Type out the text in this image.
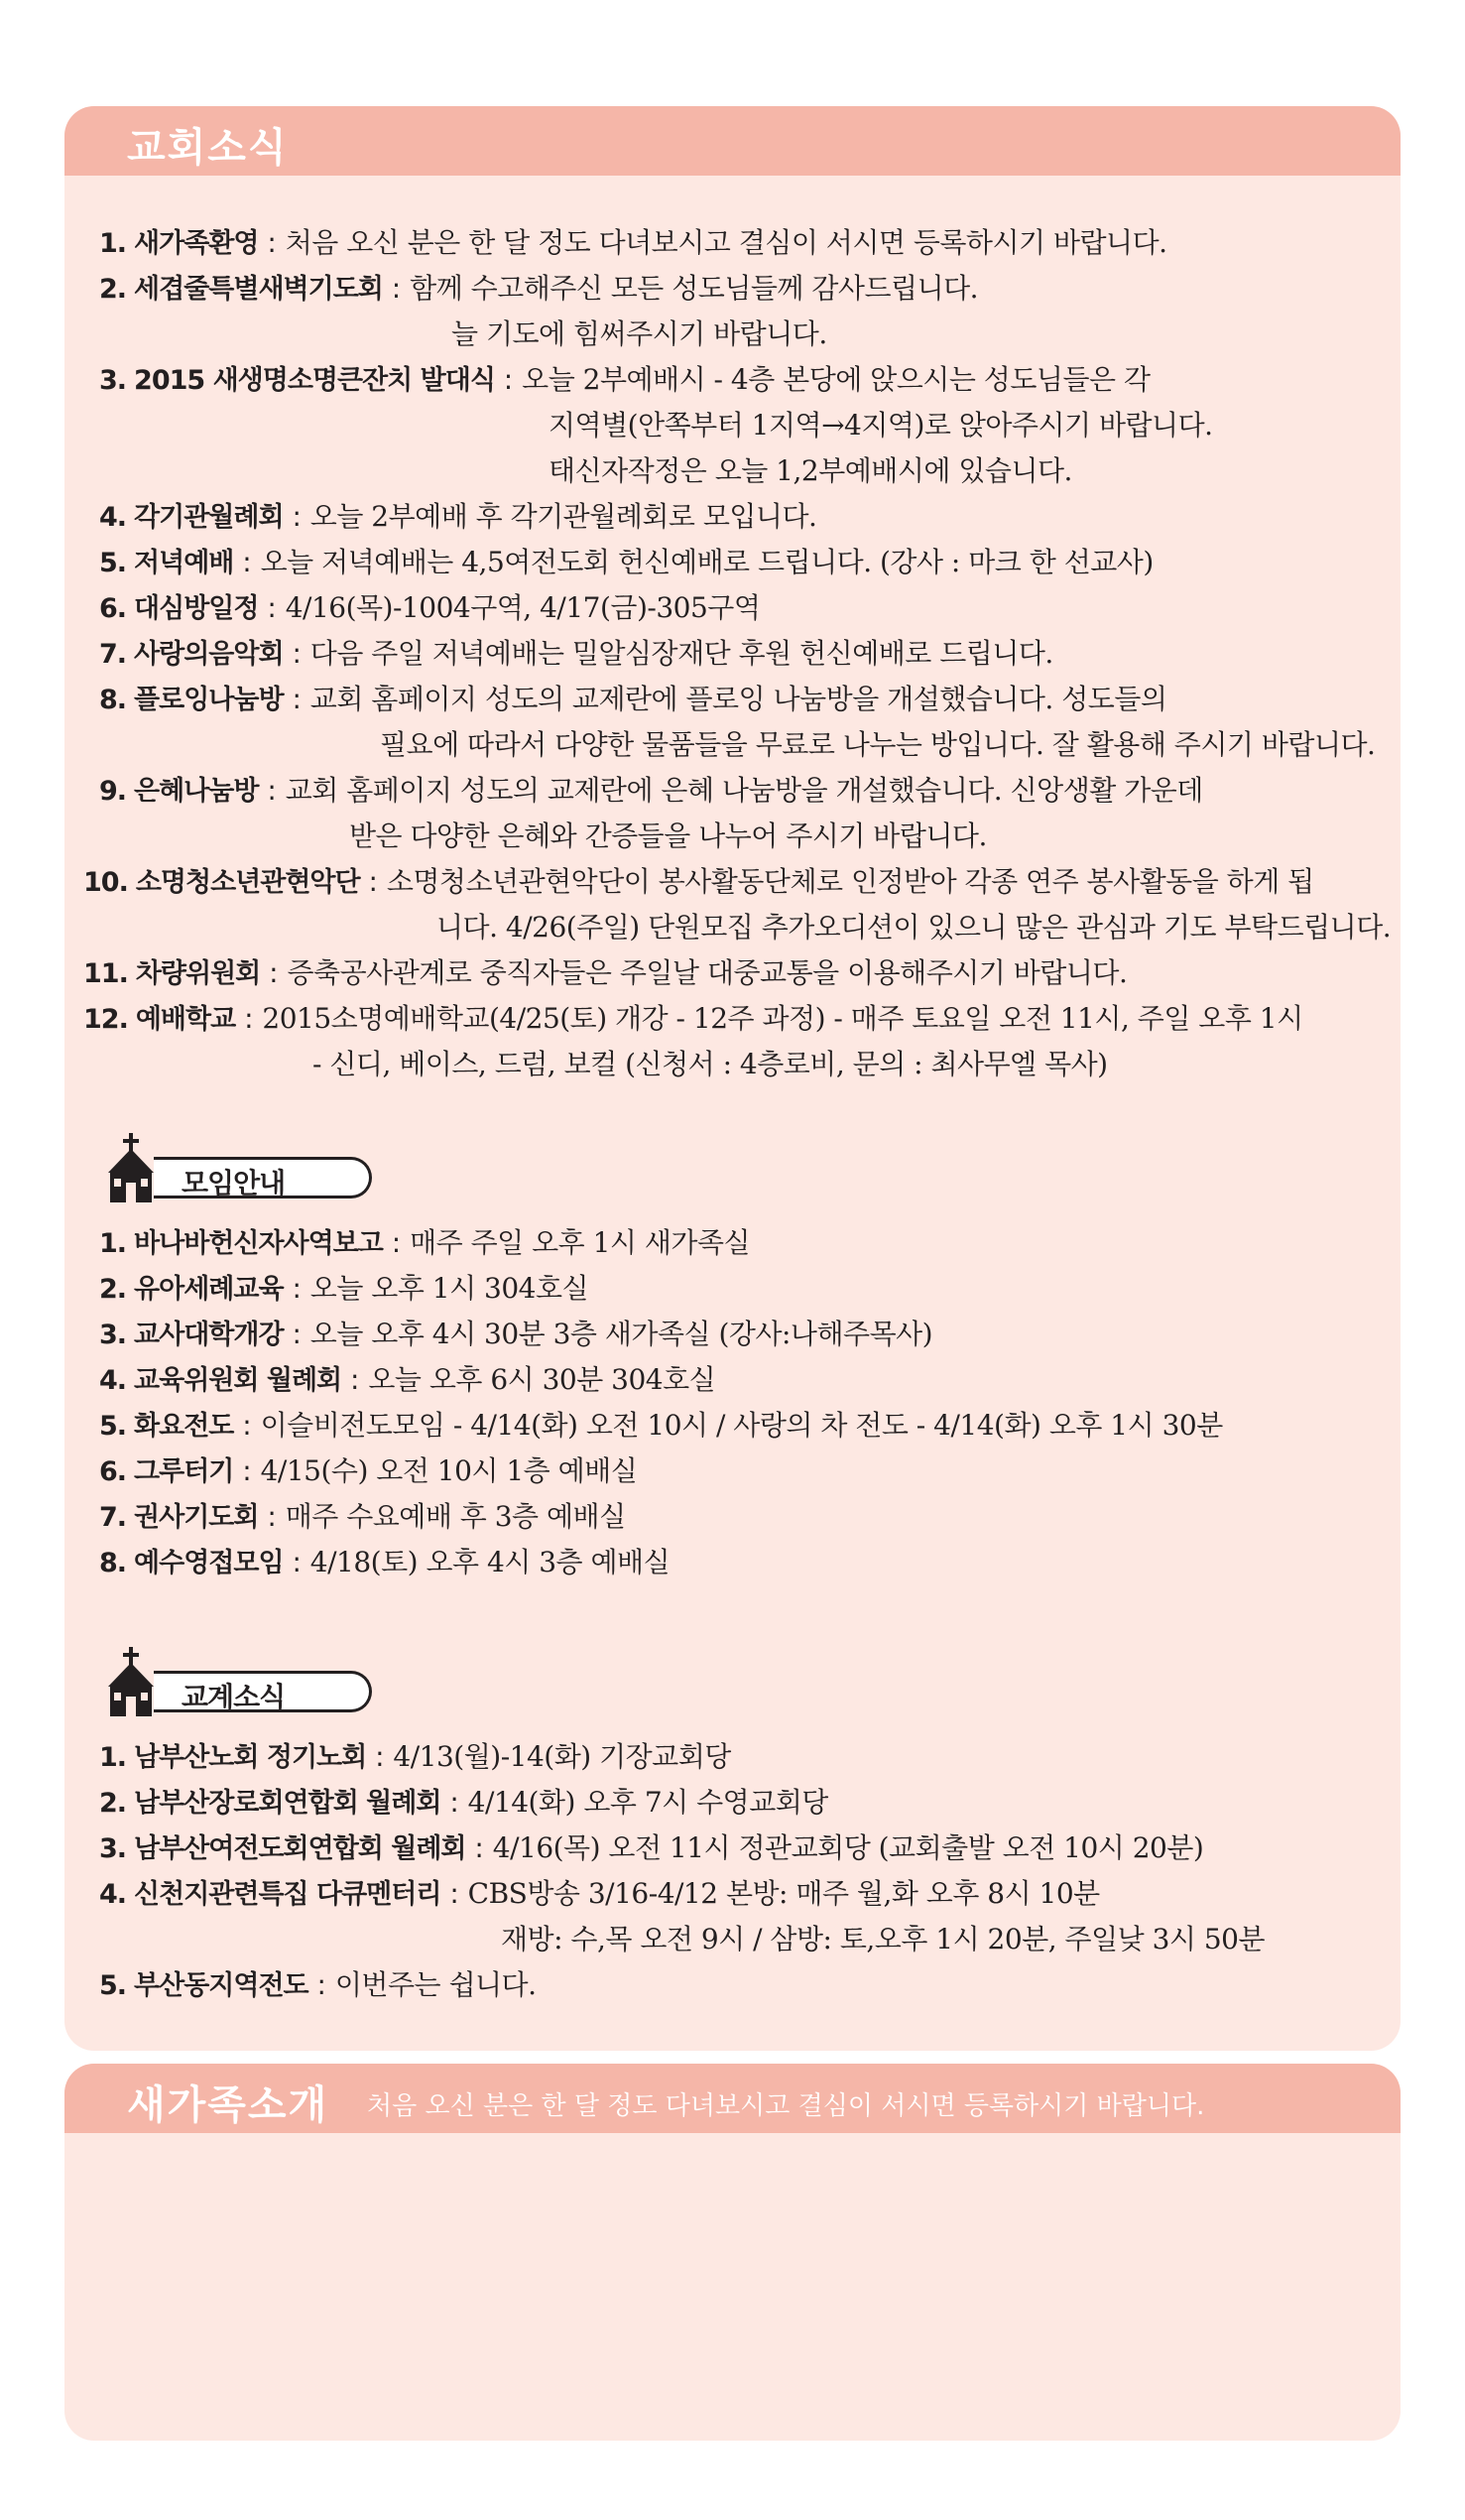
교회소식
1. 새가족환영 : 처음 오신 분은 한 달 정도 다녀보시고 결심이 서시면 등록하시기 바랍니다.
2. 세겹줄특별새벽기도회 : 함께 수고해주신 모든 성도님들께 감사드립니다.
늘 기도에 힘써주시기 바랍니다.
3. 2015 새생명소명큰잔치 발대식 : 오늘 2부예배시 - 4층 본당에 앉으시는 성도님들은 각
지역별(안쪽부터 1지역→4지역)로 앉아주시기 바랍니다.
태신자작정은 오늘 1,2부예배시에 있습니다.
4. 각기관월례회 : 오늘 2부예배 후 각기관월례회로 모입니다.
5. 저녁예배 : 오늘 저녁예배는 4,5여전도회 헌신예배로 드립니다. (강사 : 마크 한 선교사)
6. 대심방일정 : 4/16(목)-1004구역, 4/17(금)-305구역
7. 사랑의음악회 : 다음 주일 저녁예배는 밀알심장재단 후원 헌신예배로 드립니다.
8. 플로잉나눔방 : 교회 홈페이지 성도의 교제란에 플로잉 나눔방을 개설했습니다. 성도들의
필요에 따라서 다양한 물품들을 무료로 나누는 방입니다. 잘 활용해 주시기 바랍니다.
9. 은혜나눔방 : 교회 홈페이지 성도의 교제란에 은혜 나눔방을 개설했습니다. 신앙생활 가운데
받은 다양한 은혜와 간증들을 나누어 주시기 바랍니다.
10. 소명청소년관현악단 : 소명청소년관현악단이 봉사활동단체로 인정받아 각종 연주 봉사활동을 하게 됩
니다. 4/26(주일) 단원모집 추가오디션이 있으니 많은 관심과 기도 부탁드립니다.
11. 차량위원회 : 증축공사관계로 중직자들은 주일날 대중교통을 이용해주시기 바랍니다.
12. 예배학교 : 2015소명예배학교(4/25(토) 개강 - 12주 과정) - 매주 토요일 오전 11시, 주일 오후 1시
- 신디, 베이스, 드럼, 보컬 (신청서 : 4층로비, 문의 : 최사무엘 목사)
모임안내
1. 바나바헌신자사역보고 : 매주 주일 오후 1시 새가족실
2. 유아세례교육 : 오늘 오후 1시 304호실
3. 교사대학개강 : 오늘 오후 4시 30분 3층 새가족실 (강사:나해주목사)
4. 교육위원회 월례회 : 오늘 오후 6시 30분 304호실
5. 화요전도 : 이슬비전도모임 - 4/14(화) 오전 10시 / 사랑의 차 전도 - 4/14(화) 오후 1시 30분
6. 그루터기 : 4/15(수) 오전 10시 1층 예배실
7. 권사기도회 : 매주 수요예배 후 3층 예배실
8. 예수영접모임 : 4/18(토) 오후 4시 3층 예배실
교계소식
1. 남부산노회 정기노회 : 4/13(월)-14(화) 기장교회당
2. 남부산장로회연합회 월례회 : 4/14(화) 오후 7시 수영교회당
3. 남부산여전도회연합회 월례회 : 4/16(목) 오전 11시 정관교회당 (교회출발 오전 10시 20분)
4. 신천지관련특집 다큐멘터리 : CBS방송 3/16-4/12 본방: 매주 월,화 오후 8시 10분
재방: 수,목 오전 9시 / 삼방: 토,오후 1시 20분, 주일낮 3시 50분
5. 부산동지역전도 : 이번주는 쉽니다.
새가족소개 처음 오신 분은 한 달 정도 다녀보시고 결심이 서시면 등록하시기 바랍니다.
